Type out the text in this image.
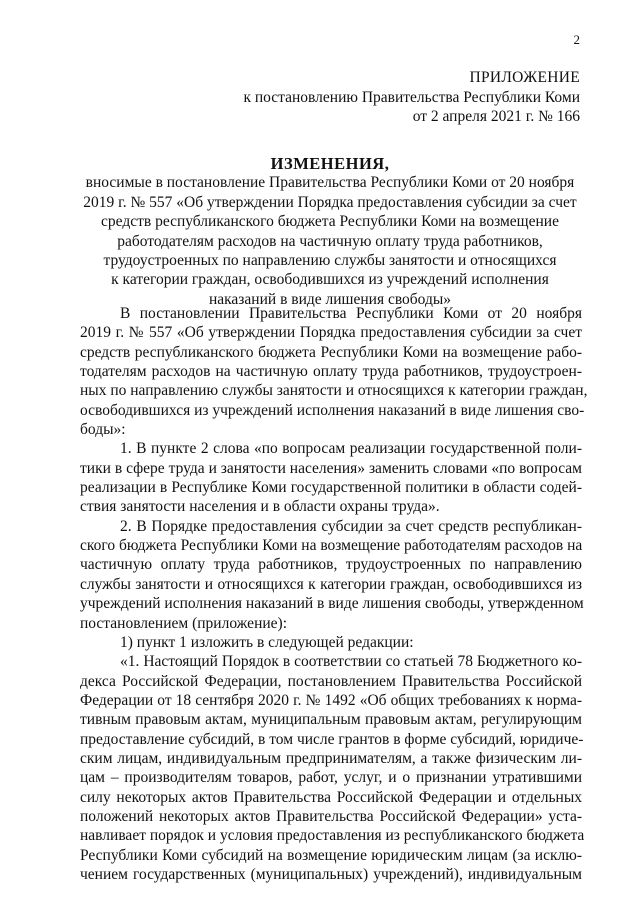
2
ПРИЛОЖЕНИЕ
к постановлению Правительства Республики Коми
от 2 апреля 2021 г. № 166
ИЗМЕНЕНИЯ,
вносимые в постановление Правительства Республики Коми от 20 ноября
2019 г. № 557 «Об утверждении Порядка предоставления субсидии за счет
средств республиканского бюджета Республики Коми на возмещение
работодателям расходов на частичную оплату труда работников,
трудоустроенных по направлению службы занятости и относящихся
к категории граждан, освободившихся из учреждений исполнения
наказаний в виде лишения свободы»
В постановлении Правительства Республики Коми от 20 ноября
2019 г. № 557 «Об утверждении Порядка предоставления субсидии за счет
средств республиканского бюджета Республики Коми на возмещение рабо-
тодателям расходов на частичную оплату труда работников, трудоустроен-
ных по направлению службы занятости и относящихся к категории граждан,
освободившихся из учреждений исполнения наказаний в виде лишения сво-
боды»:
1. В пункте 2 слова «по вопросам реализации государственной поли-
тики в сфере труда и занятости населения» заменить словами «по вопросам
реализации в Республике Коми государственной политики в области содей-
ствия занятости населения и в области охраны труда».
2. В Порядке предоставления субсидии за счет средств республикан-
ского бюджета Республики Коми на возмещение работодателям расходов на
частичную оплату труда работников, трудоустроенных по направлению
службы занятости и относящихся к категории граждан, освободившихся из
учреждений исполнения наказаний в виде лишения свободы, утвержденном
постановлением (приложение):
1) пункт 1 изложить в следующей редакции:
«1. Настоящий Порядок в соответствии со статьей 78 Бюджетного ко-
декса Российской Федерации, постановлением Правительства Российской
Федерации от 18 сентября 2020 г. № 1492 «Об общих требованиях к норма-
тивным правовым актам, муниципальным правовым актам, регулирующим
предоставление субсидий, в том числе грантов в форме субсидий, юридиче-
ским лицам, индивидуальным предпринимателям, а также физическим ли-
цам – производителям товаров, работ, услуг, и о признании утратившими
силу некоторых актов Правительства Российской Федерации и отдельных
положений некоторых актов Правительства Российской Федерации» уста-
навливает порядок и условия предоставления из республиканского бюджета
Республики Коми субсидий на возмещение юридическим лицам (за исклю-
чением государственных (муниципальных) учреждений), индивидуальным
